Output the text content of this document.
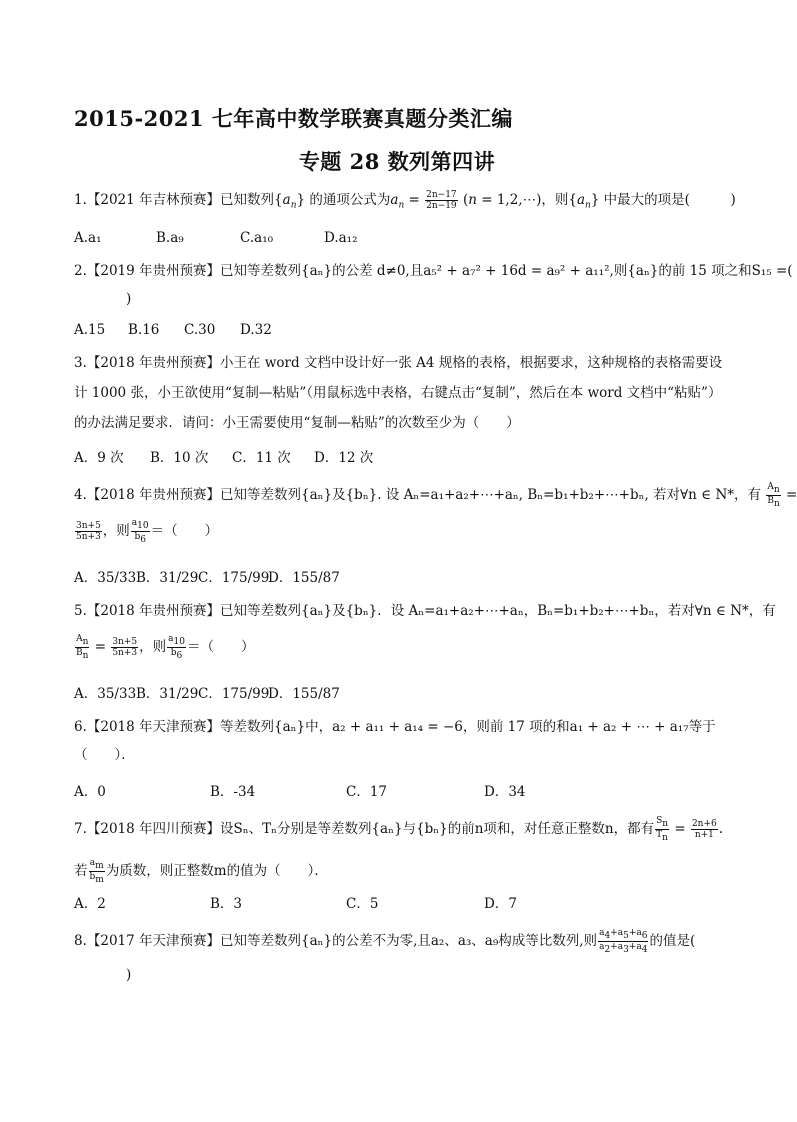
2015-2021 七年高中数学联赛真题分类汇编
专题 28 数列第四讲
1.【2021 年吉林预赛】已知数列$\{a_n\}$ 的通项公式为$a_n = \frac{2n-17}{2n-19} (n$ = 1,2,⋯)，则$\{a_n\}$ 中最大的项是(　　　)
A.a₁	B.a₉	C.a₁₀	D.a₁₂
2.【2019 年贵州预赛】已知等差数列{aₙ}的公差 d≠0,且a₅² + a₇² + 16d = a₉² + a₁₁²,则{aₙ}的前 15 项之和S₁₅ =(
)
A.15 B.16 C.30 D.32
3.【2018 年贵州预赛】小王在 word 文档中设计好一张 A4 规格的表格，根据要求，这种规格的表格需要设
计 1000 张，小王欲使用“复制—粘贴”（用鼠标选中表格，右键点击“复制”，然后在本 word 文档中“粘贴”）
的办法满足要求．请问：小王需要使用“复制—粘贴”的次数至少为（　　）
A．9 次 B．10 次 C．11 次 D．12 次
4.【2018 年贵州预赛】已知等差数列{aₙ}及{bₙ}. 设 Aₙ=a₁+a₂+⋯+aₙ, Bₙ=b₁+b₂+⋯+bₙ, 若对∀n ∈ N*，有 $\frac{A_n}{B_n}$ =
$\frac{3n+5}{5n+3}$ ，则 $\frac{a_{10}}{b_6}$ ＝（　　）
A．35/33 B．31/29 C．175/99
D．155/87
5.【2018 年贵州预赛】已知等差数列{aₙ}及{bₙ}．设 Aₙ=a₁+a₂+⋯+aₙ，Bₙ=b₁+b₂+⋯+bₙ，若对∀n ∈ N*，有
$\frac{A_n}{B_n} = \frac{3n+5}{5n+3}$ ，则 $\frac{a_{10}}{b_6}$ ＝（　　）
A．35/33 B．31/29 C．175/99
D．155/87
6.【2018 年天津预赛】等差数列{aₙ}中，a₂ + a₁₁ + a₁₄ = −6，则前 17 项的和a₁ + a₂ + ⋯ + a₁₇等于
（　　）．
A．0	B．-34	C．17	D．34
7.【2018 年四川预赛】设Sₙ、Tₙ分别是等差数列{aₙ}与{bₙ}的前n项和，对任意正整数n，都有 $\frac{S_n}{T_n} = \frac{2n+6}{n+1}$ .
若 $\frac{a_m}{b_m}$ 为质数，则正整数m的值为（　　）．
A．2	B．3	C．5	D．7
8.【2017 年天津预赛】已知等差数列{aₙ}的公差不为零,且a₂、a₃、a₉构成等比数列,则 $\frac{a_4+a_5+a_6}{a_2+a_3+a_4}$ 的值是(
)
